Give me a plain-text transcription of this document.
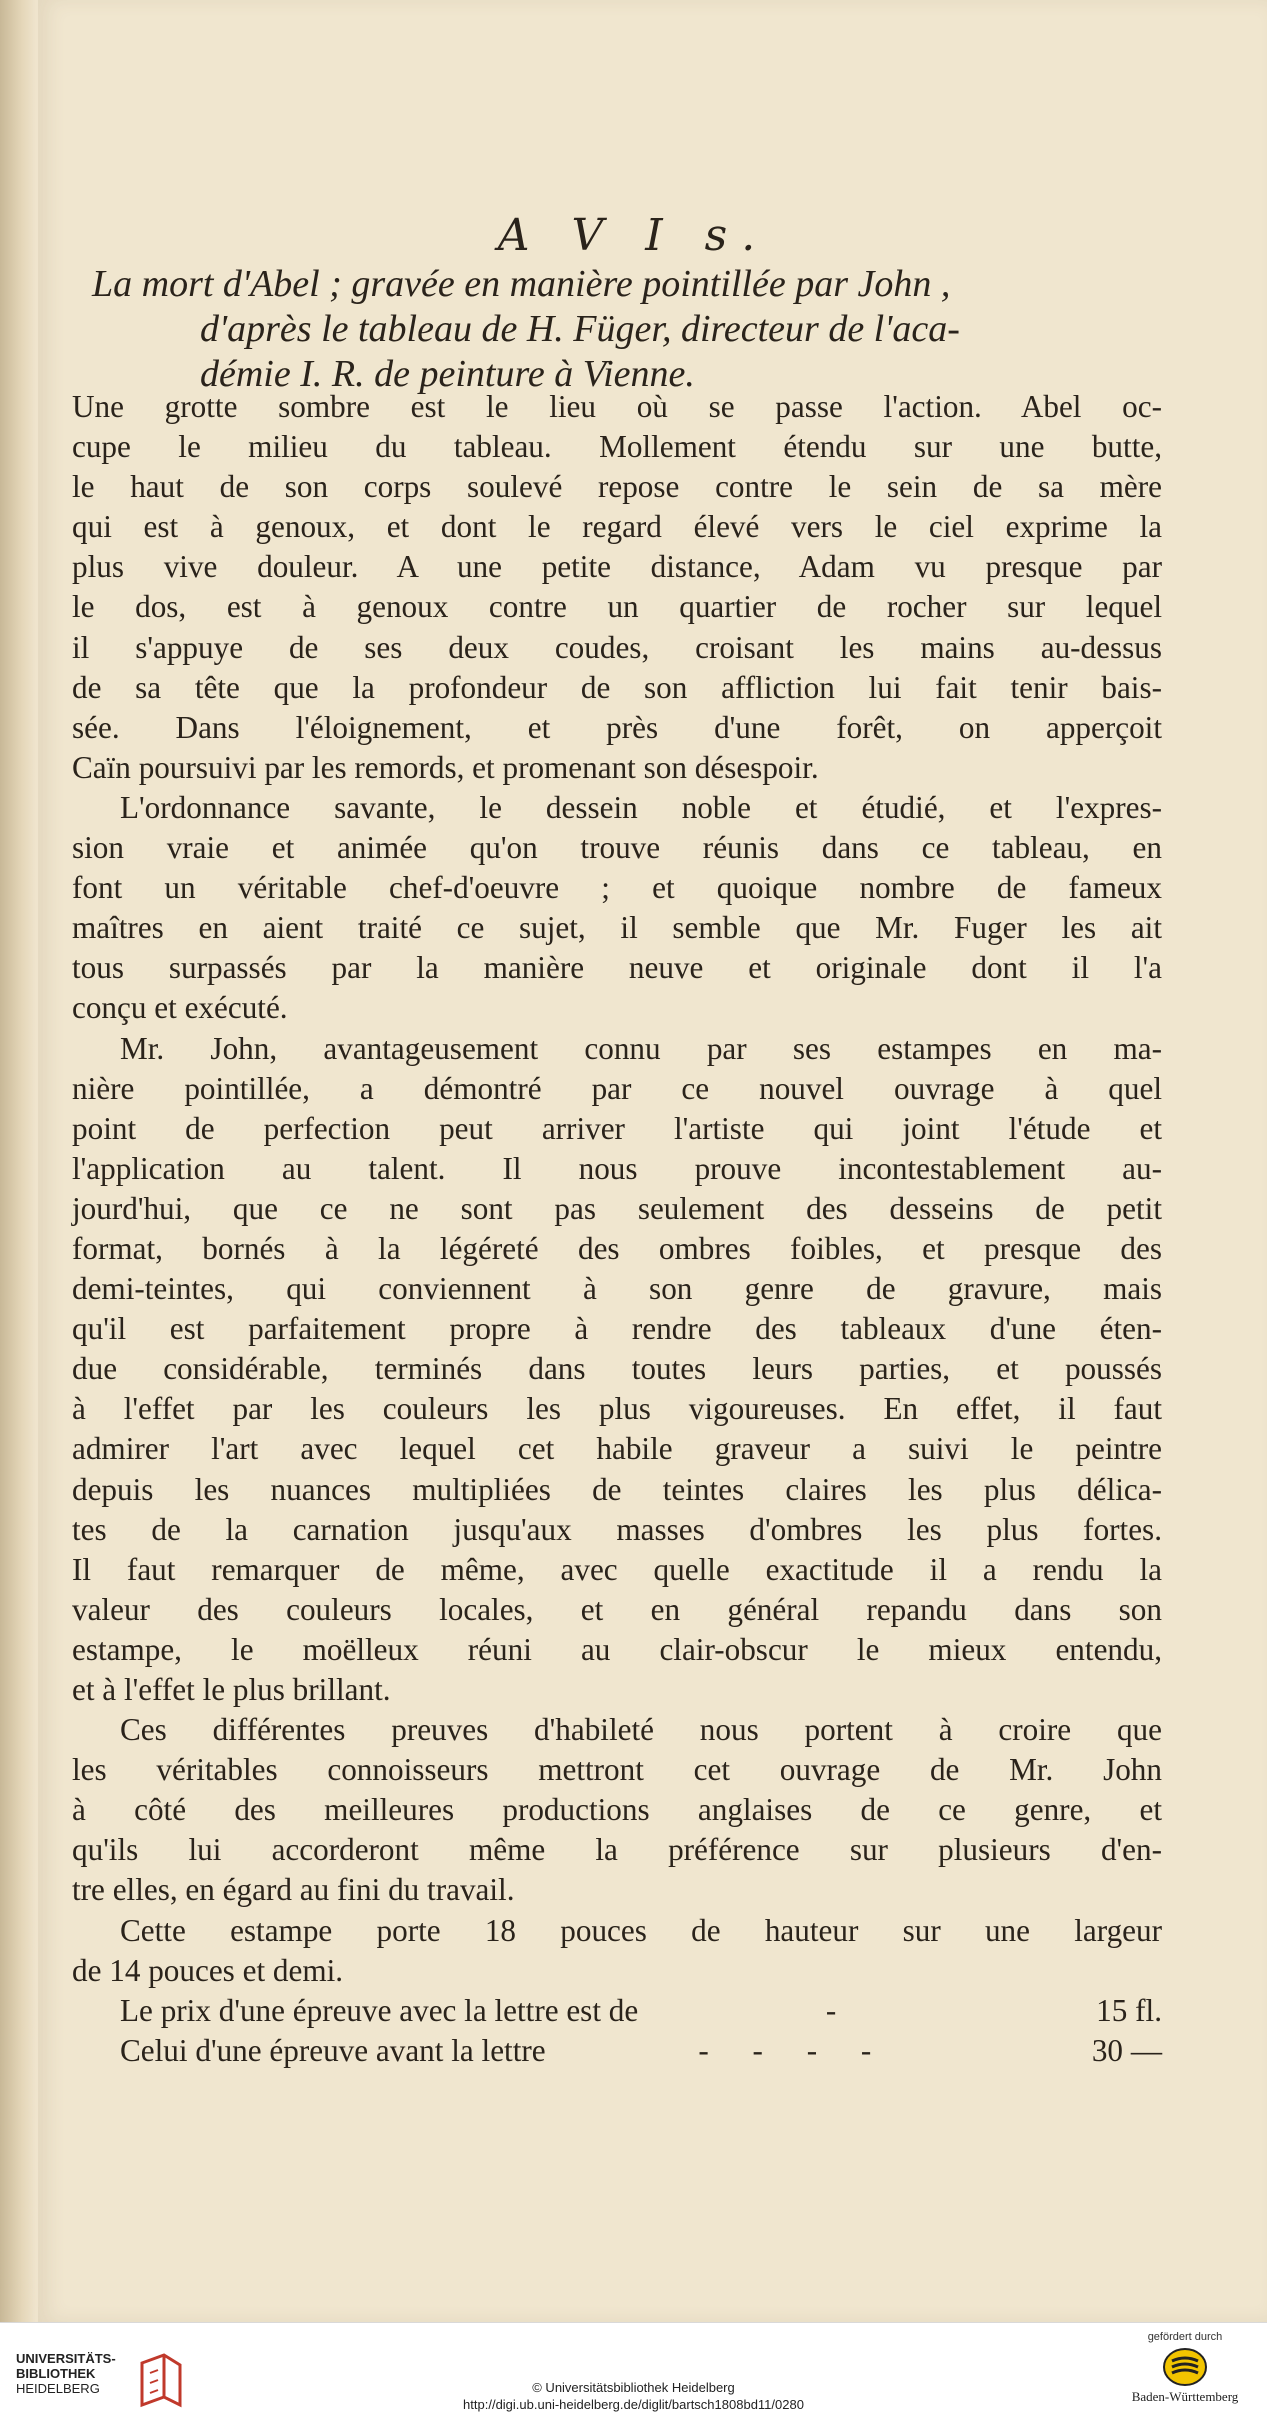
A V I s.
La mort d'Abel ; gravée en manière pointillée par John ,
d'après le tableau de H. Füger, directeur de l'aca-
démie I. R. de peinture à Vienne.
Une grotte sombre est le lieu où se passe l'action. Abel oc-
cupe le milieu du tableau. Mollement étendu sur une butte,
le haut de son corps soulevé repose contre le sein de sa mère
qui est à genoux, et dont le regard élevé vers le ciel exprime la
plus vive douleur. A une petite distance, Adam vu presque par
le dos, est à genoux contre un quartier de rocher sur lequel
il s'appuye de ses deux coudes, croisant les mains au-dessus
de sa tête que la profondeur de son affliction lui fait tenir bais-
sée. Dans l'éloignement, et près d'une forêt, on apperçoit
Caïn poursuivi par les remords, et promenant son désespoir.
L'ordonnance savante, le dessein noble et étudié, et l'expres-
sion vraie et animée qu'on trouve réunis dans ce tableau, en
font un véritable chef-d'oeuvre ; et quoique nombre de fameux
maîtres en aient traité ce sujet, il semble que Mr. Fuger les ait
tous surpassés par la manière neuve et originale dont il l'a
conçu et exécuté.
Mr. John, avantageusement connu par ses estampes en ma-
nière pointillée, a démontré par ce nouvel ouvrage à quel
point de perfection peut arriver l'artiste qui joint l'étude et
l'application au talent. Il nous prouve incontestablement au-
jourd'hui, que ce ne sont pas seulement des desseins de petit
format, bornés à la légéreté des ombres foibles, et presque des
demi-teintes, qui conviennent à son genre de gravure, mais
qu'il est parfaitement propre à rendre des tableaux d'une éten-
due considérable, terminés dans toutes leurs parties, et poussés
à l'effet par les couleurs les plus vigoureuses. En effet, il faut
admirer l'art avec lequel cet habile graveur a suivi le peintre
depuis les nuances multipliées de teintes claires les plus délica-
tes de la carnation jusqu'aux masses d'ombres les plus fortes.
Il faut remarquer de même, avec quelle exactitude il a rendu la
valeur des couleurs locales, et en général repandu dans son
estampe, le moëlleux réuni au clair-obscur le mieux entendu,
et à l'effet le plus brillant.
Ces différentes preuves d'habileté nous portent à croire que
les véritables connoisseurs mettront cet ouvrage de Mr. John
à côté des meilleures productions anglaises de ce genre, et
qu'ils lui accorderont même la préférence sur plusieurs d'en-
tre elles, en égard au fini du travail.
Cette estampe porte 18 pouces de hauteur sur une largeur
de 14 pouces et demi.
Le prix d'une épreuve avec la lettre est de	-	15 fl.
Celui d'une épreuve avant la lettre	- - - -	30 —
UNIVERSITÄTS-
BIBLIOTHEK
HEIDELBERG	© Universitätsbibliothek Heidelberg
http://digi.ub.uni-heidelberg.de/diglit/bartsch1808bd11/0280
gefördert durch
Baden-Württemberg
